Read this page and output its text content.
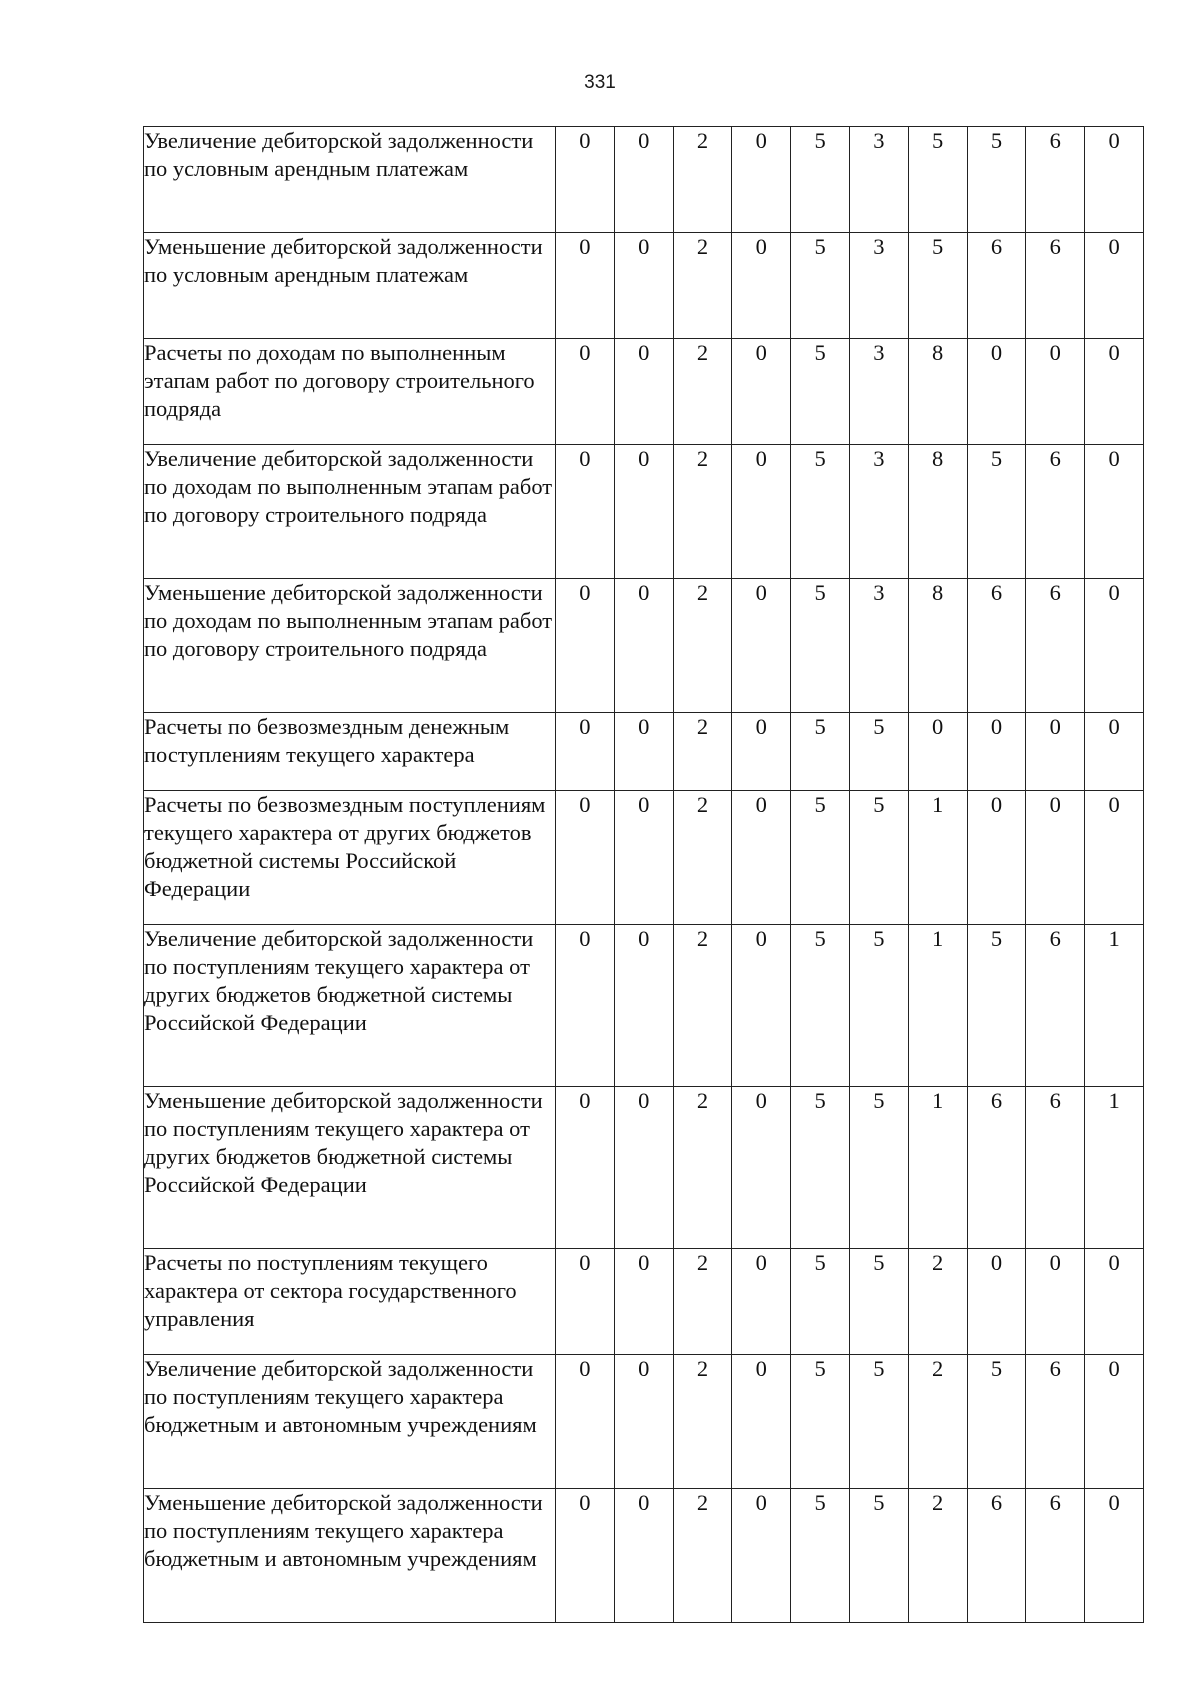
331
Увеличение дебиторской задолженности по условным арендным платежам	0	0	2	0	5	3	5	5	6	0
Уменьшение дебиторской задолженности по условным арендным платежам	0	0	2	0	5	3	5	6	6	0
Расчеты по доходам по выполненным этапам работ по договору строительного подряда	0	0	2	0	5	3	8	0	0	0
Увеличение дебиторской задолженности по доходам по выполненным этапам работ по договору строительного подряда	0	0	2	0	5	3	8	5	6	0
Уменьшение дебиторской задолженности по доходам по выполненным этапам работ по договору строительного подряда	0	0	2	0	5	3	8	6	6	0
Расчеты по безвозмездным денежным поступлениям текущего характера	0	0	2	0	5	5	0	0	0	0
Расчеты по безвозмездным поступлениям текущего характера от других бюджетов бюджетной системы Российской Федерации	0	0	2	0	5	5	1	0	0	0
Увеличение дебиторской задолженности по поступлениям текущего характера от других бюджетов бюджетной системы Российской Федерации	0	0	2	0	5	5	1	5	6	1
Уменьшение дебиторской задолженности по поступлениям текущего характера от других бюджетов бюджетной системы Российской Федерации	0	0	2	0	5	5	1	6	6	1
Расчеты по поступлениям текущего характера от сектора государственного управления	0	0	2	0	5	5	2	0	0	0
Увеличение дебиторской задолженности по поступлениям текущего характера бюджетным и автономным учреждениям	0	0	2	0	5	5	2	5	6	0
Уменьшение дебиторской задолженности по поступлениям текущего характера бюджетным и автономным учреждениям	0	0	2	0	5	5	2	6	6	0
